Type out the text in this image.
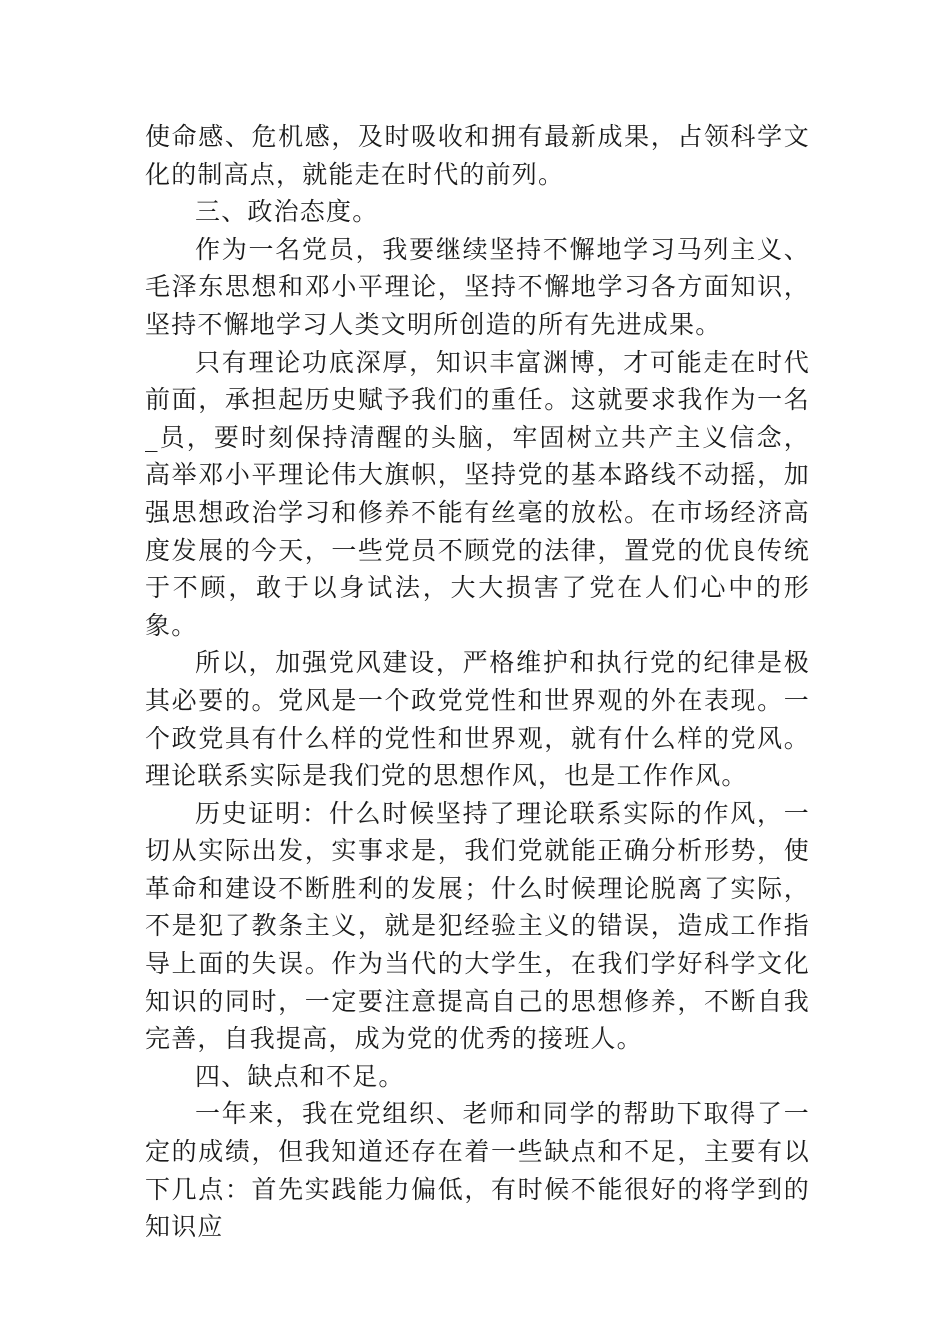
使命感、危机感，及时吸收和拥有最新成果，占领科学文化的制高点，就能走在时代的前列。

三、政治态度。

作为一名党员，我要继续坚持不懈地学习马列主义、毛泽东思想和邓小平理论，坚持不懈地学习各方面知识，坚持不懈地学习人类文明所创造的所有先进成果。

只有理论功底深厚，知识丰富渊博，才可能走在时代前面，承担起历史赋予我们的重任。这就要求我作为一名_员，要时刻保持清醒的头脑，牢固树立共产主义信念，高举邓小平理论伟大旗帜，坚持党的基本路线不动摇，加强思想政治学习和修养不能有丝毫的放松。在市场经济高度发展的今天，一些党员不顾党的法律，置党的优良传统于不顾，敢于以身试法，大大损害了党在人们心中的形象。

所以，加强党风建设，严格维护和执行党的纪律是极其必要的。党风是一个政党党性和世界观的外在表现。一个政党具有什么样的党性和世界观，就有什么样的党风。理论联系实际是我们党的思想作风，也是工作作风。

历史证明：什么时候坚持了理论联系实际的作风，一切从实际出发，实事求是，我们党就能正确分析形势，使革命和建设不断胜利的发展；什么时候理论脱离了实际，不是犯了教条主义，就是犯经验主义的错误，造成工作指导上面的失误。作为当代的大学生，在我们学好科学文化知识的同时，一定要注意提高自己的思想修养，不断自我完善，自我提高，成为党的优秀的接班人。

四、缺点和不足。

一年来，我在党组织、老师和同学的帮助下取得了一定的成绩，但我知道还存在着一些缺点和不足，主要有以下几点：首先实践能力偏低，有时候不能很好的将学到的知识应
